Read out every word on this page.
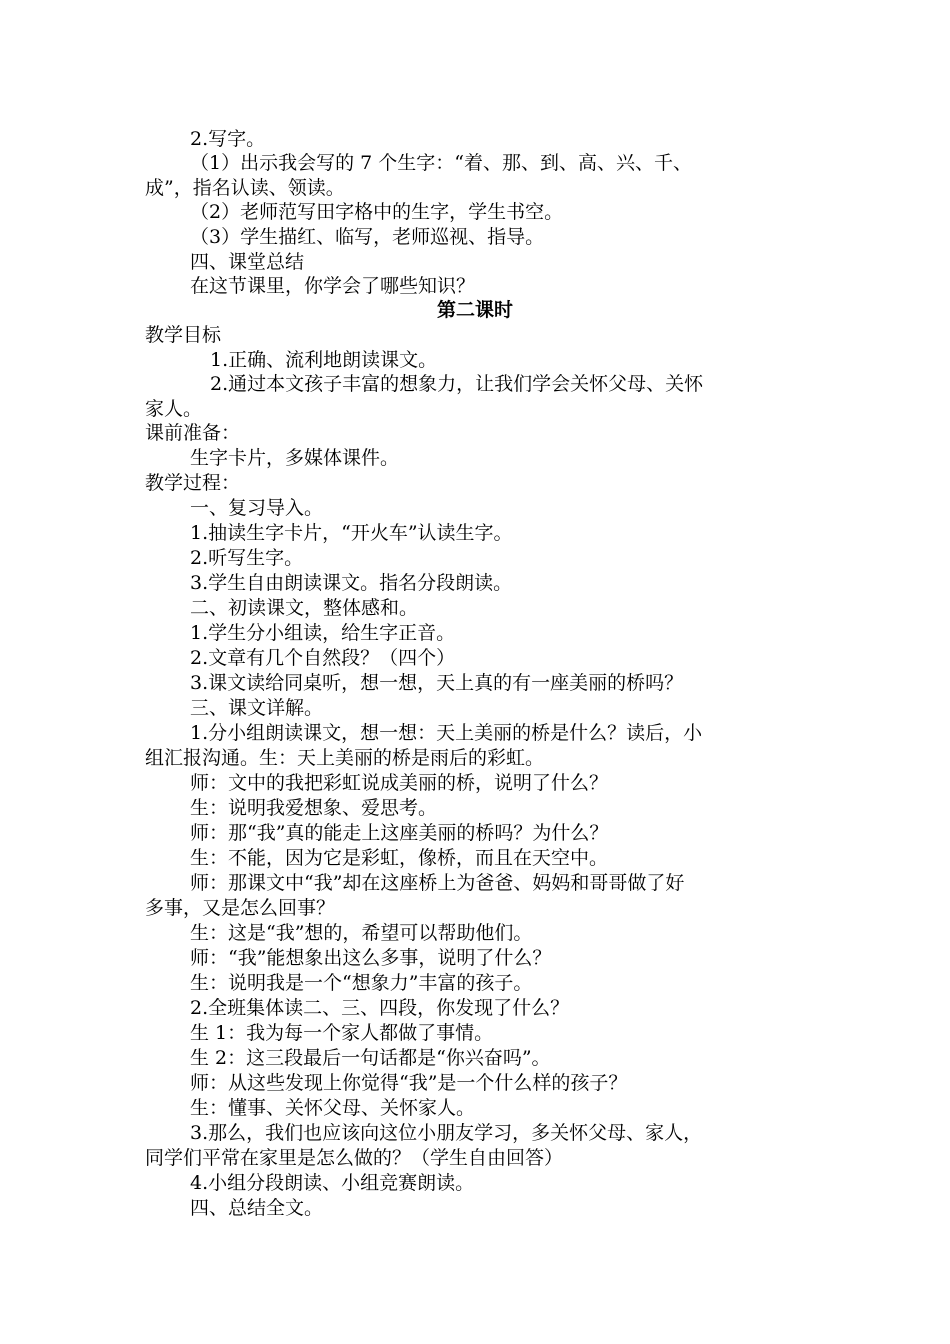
2.写字。
（1）出示我会写的 7 个生字：“着、那、到、高、兴、千、
成”，指名认读、领读。
（2）老师范写田字格中的生字，学生书空。
（3）学生描红、临写，老师巡视、指导。
四、课堂总结
在这节课里，你学会了哪些知识？
第二课时
教学目标
1.正确、流利地朗读课文。
2.通过本文孩子丰富的想象力，让我们学会关怀父母、关怀
家人。
课前准备：
生字卡片，多媒体课件。
教学过程：
一、复习导入。
1.抽读生字卡片，“开火车”认读生字。
2.听写生字。
3.学生自由朗读课文。指名分段朗读。
二、初读课文，整体感和。
1.学生分小组读，给生字正音。
2.文章有几个自然段？（四个）
3.课文读给同桌听，想一想，天上真的有一座美丽的桥吗？
三、课文详解。
1.分小组朗读课文，想一想：天上美丽的桥是什么？读后，小
组汇报沟通。生：天上美丽的桥是雨后的彩虹。
师：文中的我把彩虹说成美丽的桥，说明了什么？
生：说明我爱想象、爱思考。
师：那“我”真的能走上这座美丽的桥吗？为什么？
生：不能，因为它是彩虹，像桥，而且在天空中。
师：那课文中“我”却在这座桥上为爸爸、妈妈和哥哥做了好
多事，又是怎么回事？
生：这是“我”想的，希望可以帮助他们。
师：“我”能想象出这么多事，说明了什么？
生：说明我是一个“想象力”丰富的孩子。
2.全班集体读二、三、四段，你发现了什么？
生 1：我为每一个家人都做了事情。
生 2：这三段最后一句话都是“你兴奋吗”。
师：从这些发现上你觉得“我”是一个什么样的孩子？
生：懂事、关怀父母、关怀家人。
3.那么，我们也应该向这位小朋友学习，多关怀父母、家人，
同学们平常在家里是怎么做的？（学生自由回答）
4.小组分段朗读、小组竞赛朗读。
四、总结全文。
